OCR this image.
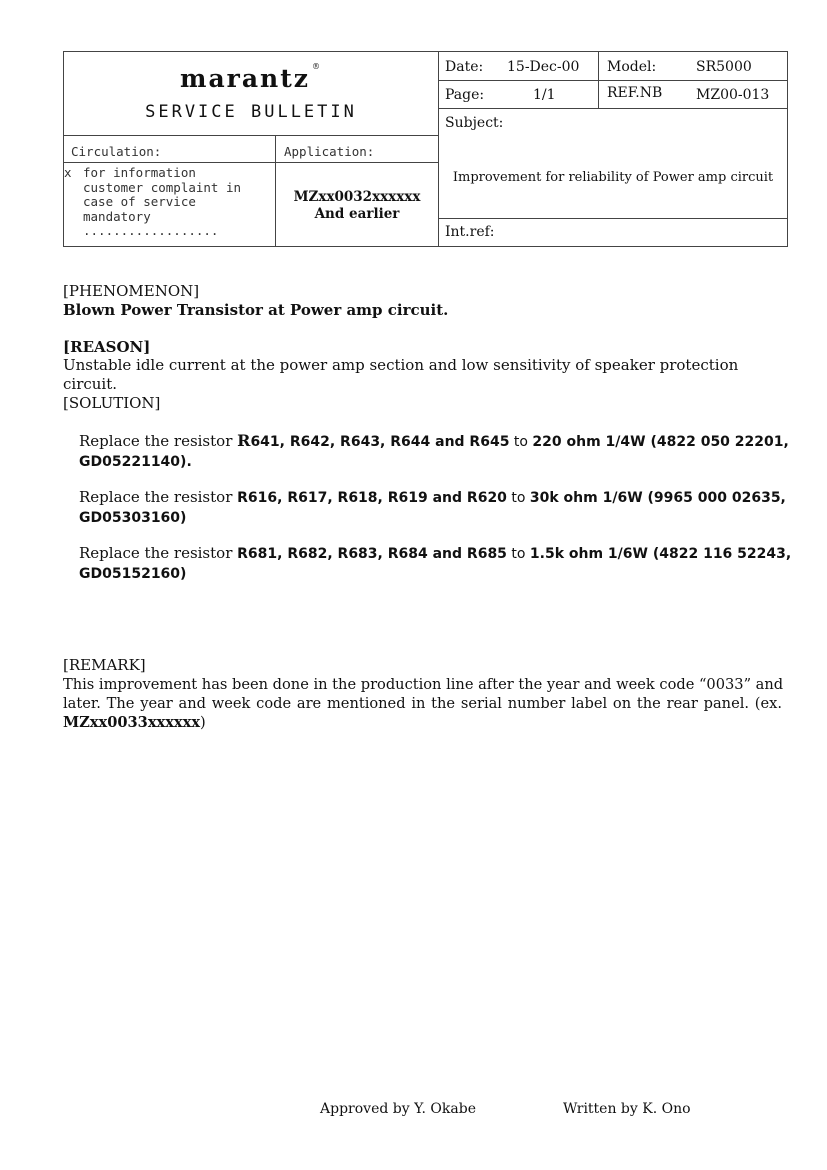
marantz ®
SERVICE BULLETIN
Circulation:	Application:
x for information
customer complaint in
case of service
mandatory
..................
MZxx0032xxxxxx
And earlier
Date: 15-Dec-00 Model:	SR5000
Page:	1/1	REF.NB MZ00-013
Subject:
Improvement for reliability of Power amp circuit
Int.ref:
[PHENOMENON]
Blown Power Transistor at Power amp circuit.
[REASON]
Unstable idle current at the power amp section and low sensitivity of speaker protection circuit.
[SOLUTION]
Replace the resistor R641, R642, R643, R644 and R645 to 220 ohm 1/4W (4822 050 22201,
GD05221140).
Replace the resistor R616, R617, R618, R619 and R620 to 30k ohm 1/6W (9965 000 02635,
GD05303160)
Replace the resistor R681, R682, R683, R684 and R685 to 1.5k ohm 1/6W (4822 116 52243,
GD05152160)
[REMARK]
This improvement has been done in the production line after the year and week code “0033” and
later. The year and week code are mentioned in the serial number label on the rear panel. (ex.
MZxx0033xxxxxx)
Approved by Y. Okabe	Written by K. Ono
